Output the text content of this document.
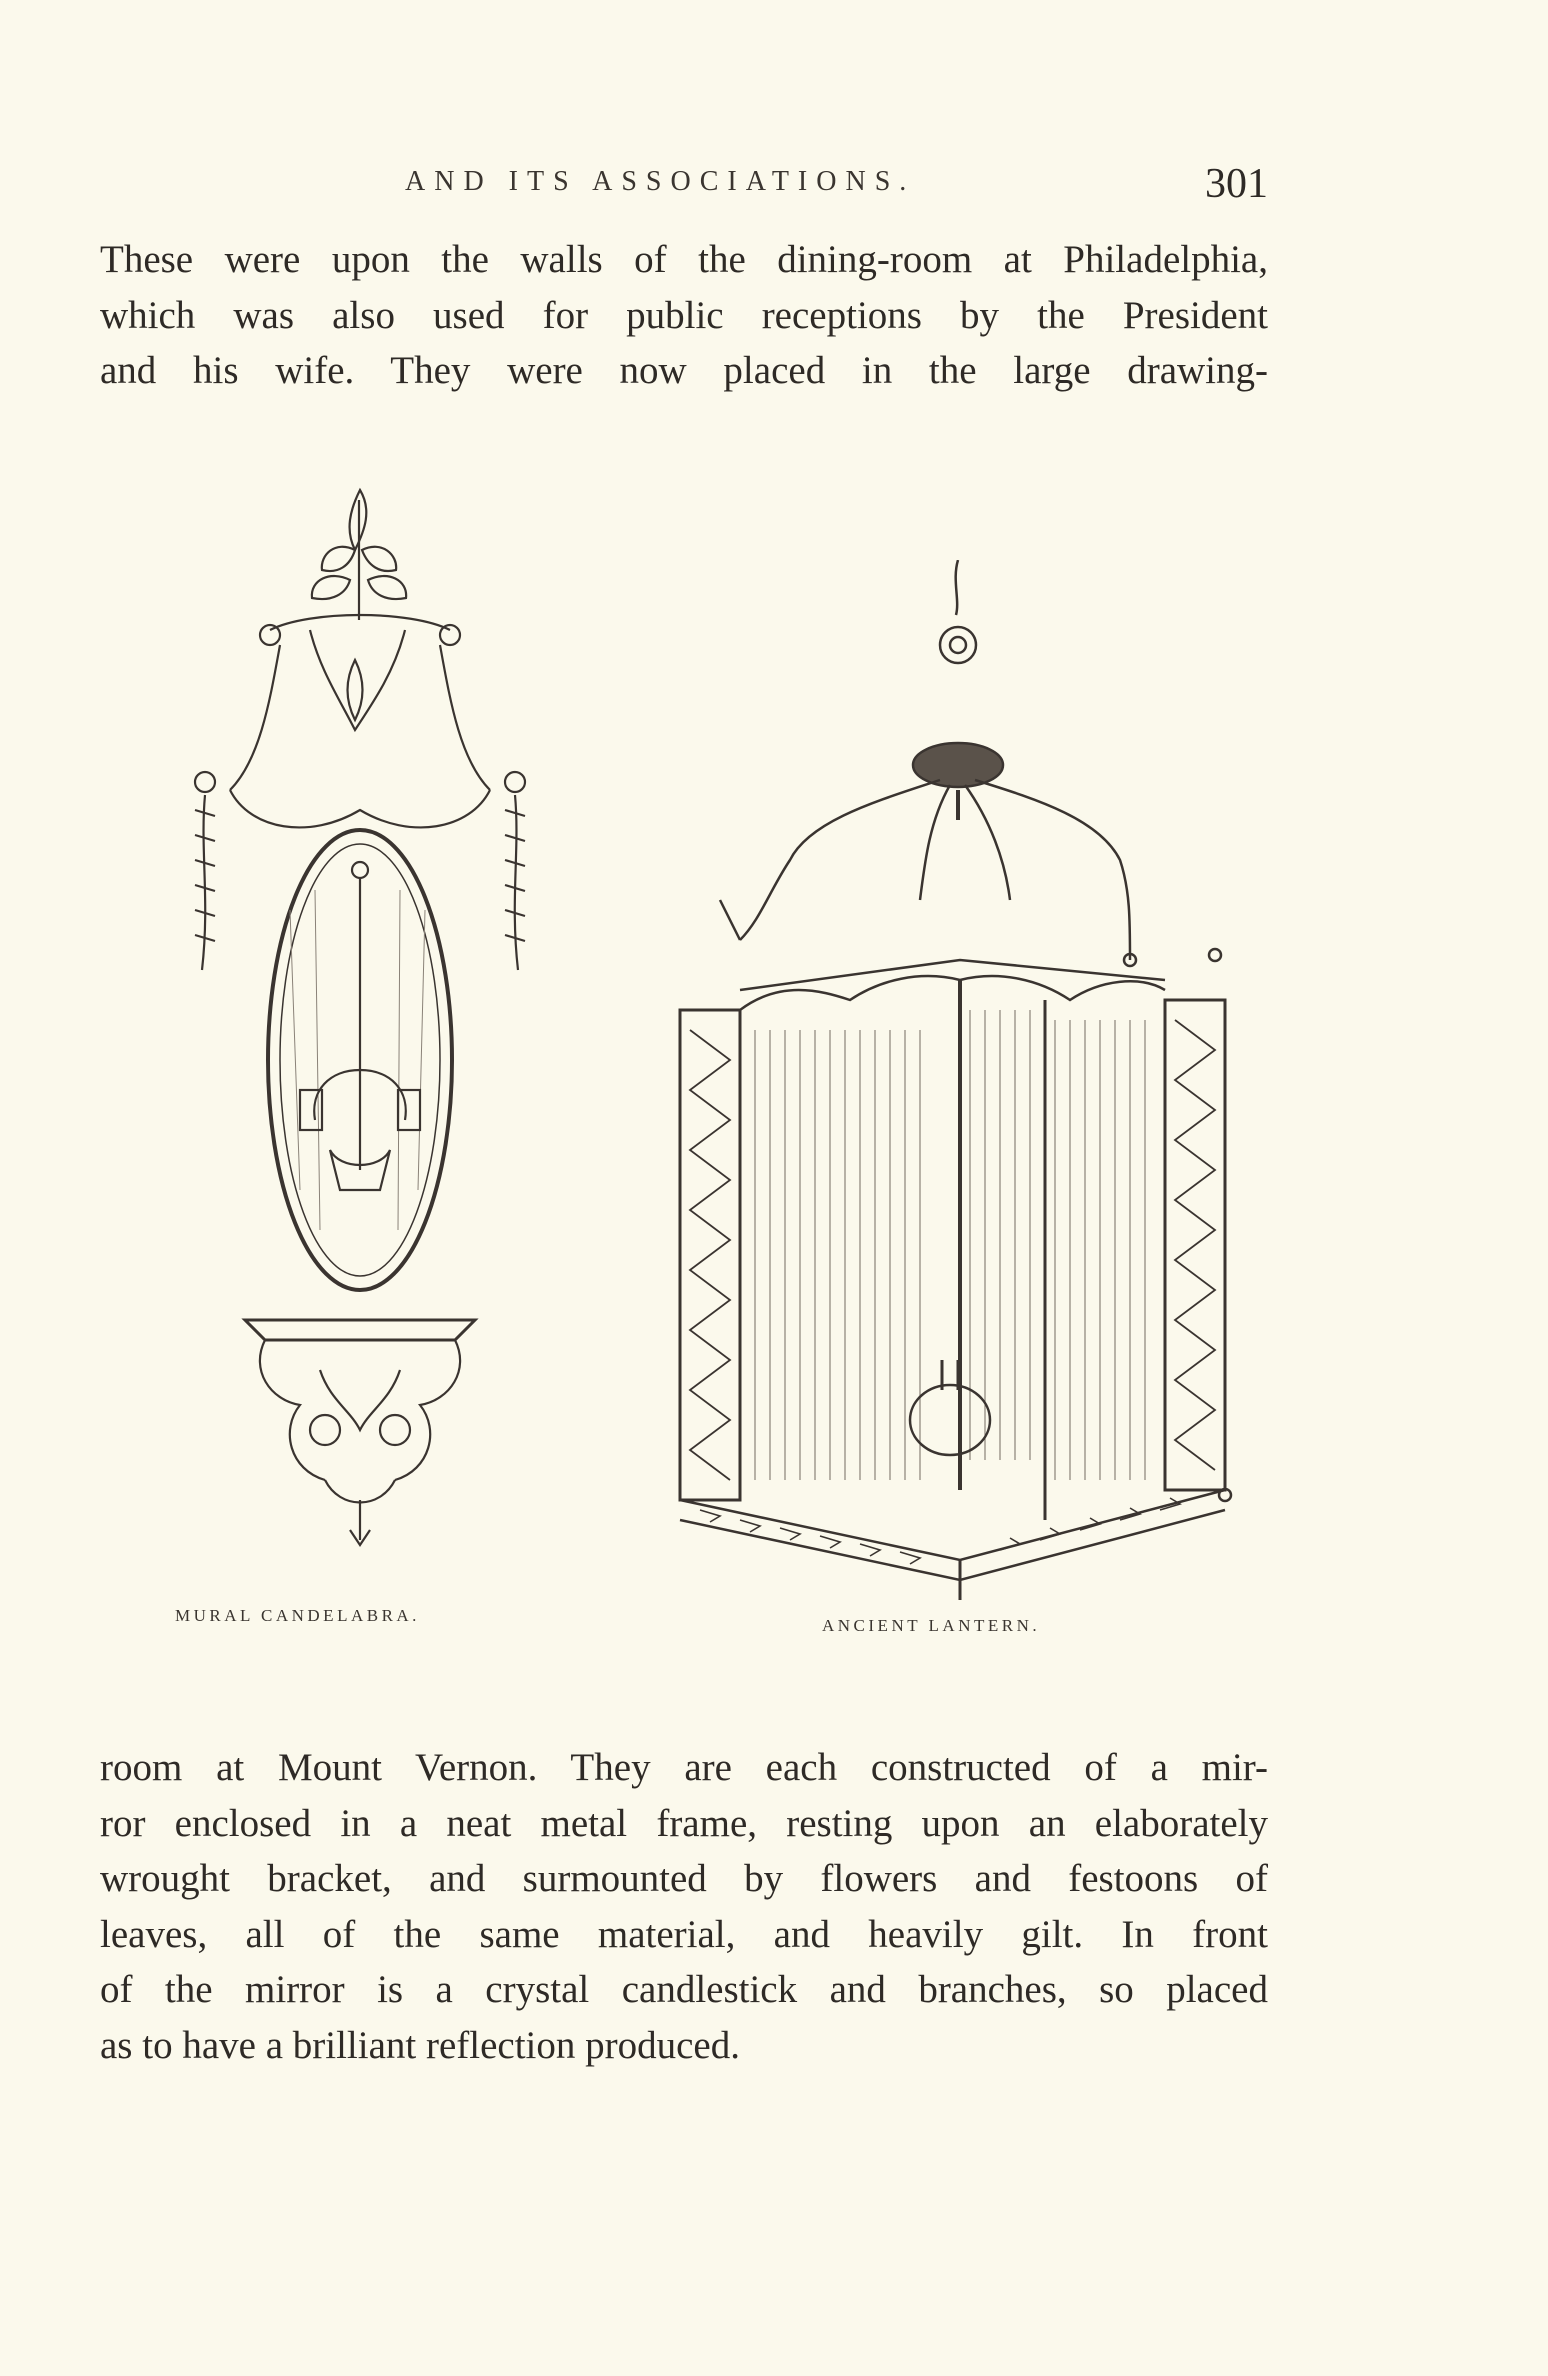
AND ITS ASSOCIATIONS.	301
These were upon the walls of the dining-room at Philadelphia,
which was also used for public receptions by the President
and his wife. They were now placed in the large drawing-
MURAL CANDELABRA.
ANCIENT LANTERN.
room at Mount Vernon. They are each constructed of a mir-
ror enclosed in a neat metal frame, resting upon an elaborately
wrought bracket, and surmounted by flowers and festoons of
leaves, all of the same material, and heavily gilt. In front
of the mirror is a crystal candlestick and branches, so placed
as to have a brilliant reflection produced.
